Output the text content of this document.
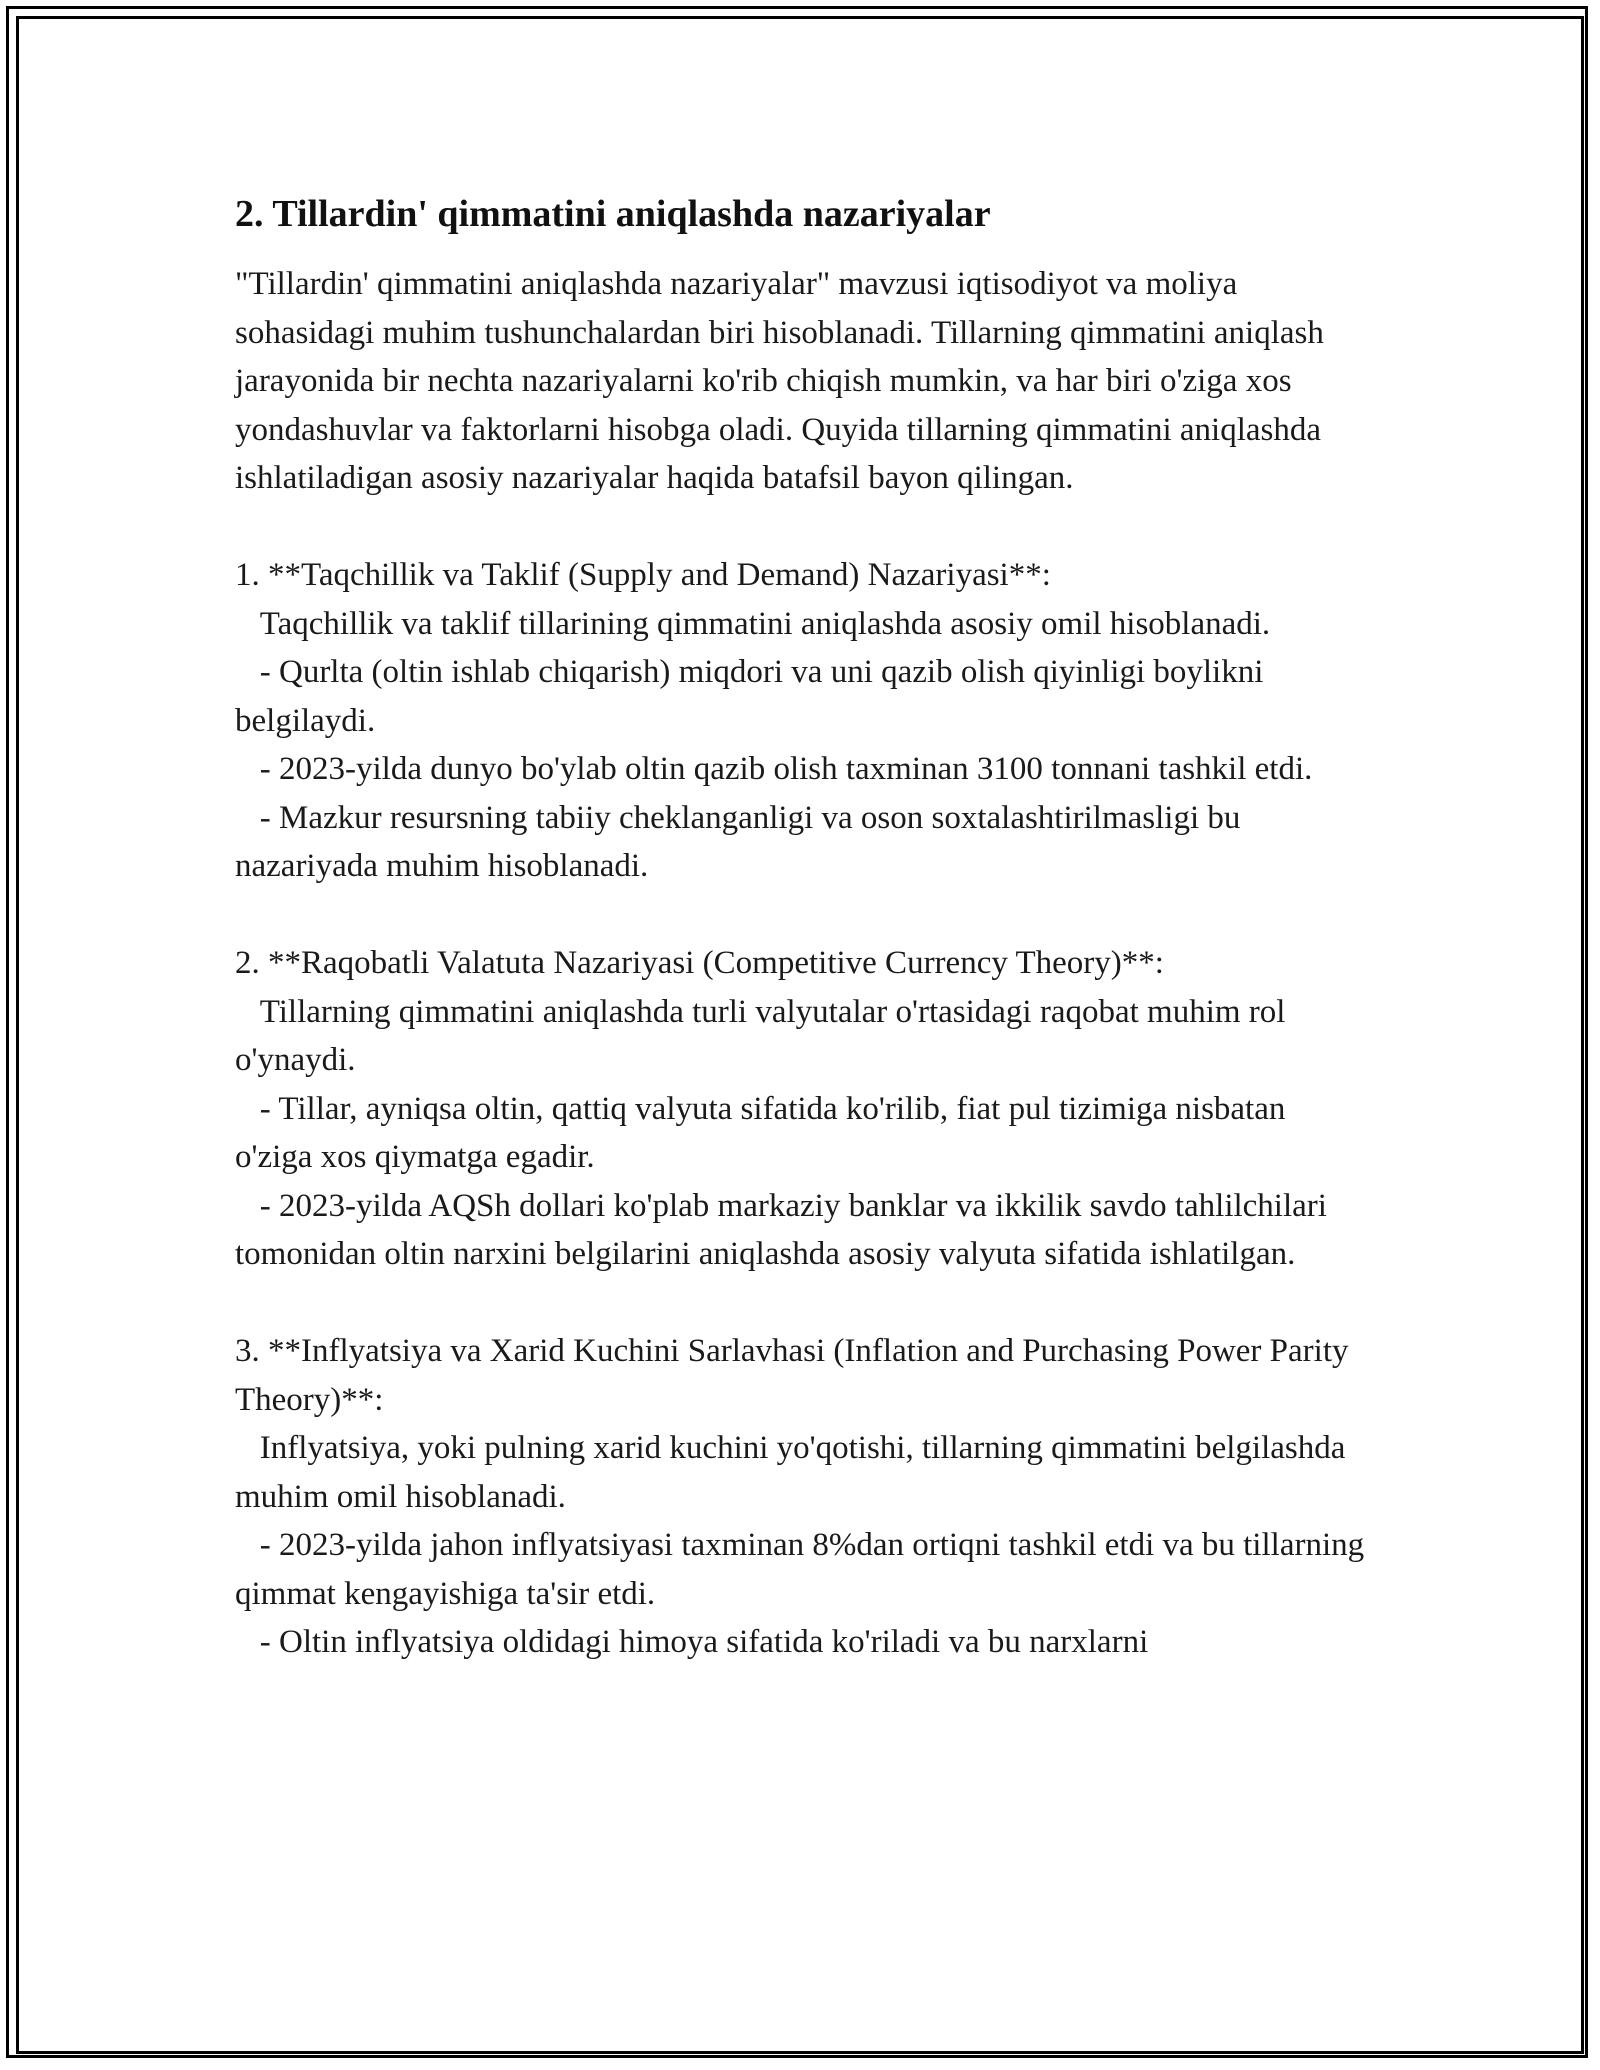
2. Tillardin' qimmatini aniqlashda nazariyalar

"Tillardin' qimmatini aniqlashda nazariyalar" mavzusi iqtisodiyot va moliya sohasidagi muhim tushunchalardan biri hisoblanadi. Tillarning qimmatini aniqlash jarayonida bir nechta nazariyalarni ko'rib chiqish mumkin, va har biri o'ziga xos yondashuvlar va faktorlarni hisobga oladi. Quyida tillarning qimmatini aniqlashda ishlatiladigan asosiy nazariyalar haqida batafsil bayon qilingan.

1. **Taqchillik va Taklif (Supply and Demand) Nazariyasi**:

Taqchillik va taklif tillarining qimmatini aniqlashda asosiy omil hisoblanadi.

- Qurlta (oltin ishlab chiqarish) miqdori va uni qazib olish qiyinligi boylikni belgilaydi.

- 2023-yilda dunyo bo'ylab oltin qazib olish taxminan 3100 tonnani tashkil etdi.

- Mazkur resursning tabiiy cheklanganligi va oson soxtalashtirilmasligi bu nazariyada muhim hisoblanadi.

2. **Raqobatli Valatuta Nazariyasi (Competitive Currency Theory)**:

Tillarning qimmatini aniqlashda turli valyutalar o'rtasidagi raqobat muhim rol o'ynaydi.

- Tillar, ayniqsa oltin, qattiq valyuta sifatida ko'rilib, fiat pul tizimiga nisbatan o'ziga xos qiymatga egadir.

- 2023-yilda AQSh dollari ko'plab markaziy banklar va ikkilik savdo tahlilchilari tomonidan oltin narxini belgilarini aniqlashda asosiy valyuta sifatida ishlatilgan.

3. **Inflyatsiya va Xarid Kuchini Sarlavhasi (Inflation and Purchasing Power Parity Theory)**:

Inflyatsiya, yoki pulning xarid kuchini yo'qotishi, tillarning qimmatini belgilashda muhim omil hisoblanadi.

- 2023-yilda jahon inflyatsiyasi taxminan 8%dan ortiqni tashkil etdi va bu tillarning qimmat kengayishiga ta'sir etdi.

- Oltin inflyatsiya oldidagi himoya sifatida ko'riladi va bu narxlarni
